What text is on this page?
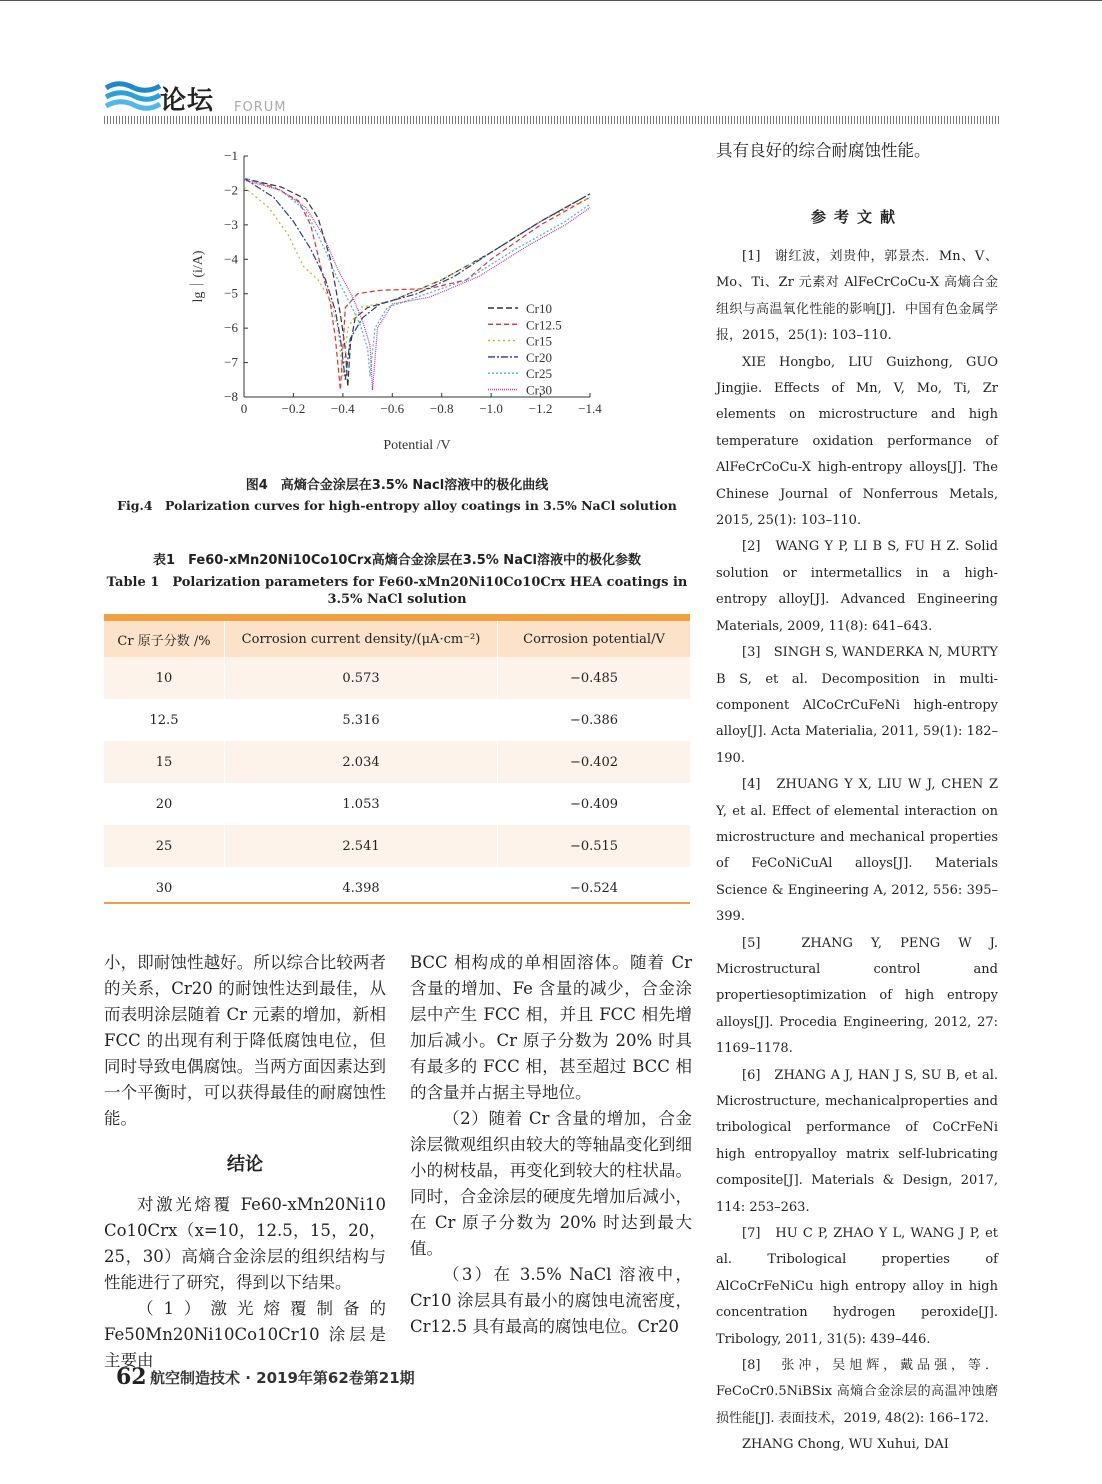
论坛 FORUM
0	−0.2 −0.4 −0.6 −0.8 −1.0 −1.2 −1.4
−1
−2
−3
−4
−5
−6
−7
−8
Potential /V
lg｜(i/A)
Cr10
Cr12.5
Cr15
Cr20
Cr25
Cr30
图4　高熵合金涂层在3.5% Nacl溶液中的极化曲线
Fig.4　Polarization curves for high-entropy alloy coatings in 3.5% NaCl solution
表1　Fe60-xMn20Ni10Co10Crx高熵合金涂层在3.5% NaCl溶液中的极化参数
Table 1　Polarization parameters for Fe60-xMn20Ni10Co10Crx HEA coatings in
3.5% NaCl solution
Cr 原子分数 /%	Corrosion current density/(μA·cm⁻²)	Corrosion potential/V
10	0.573	−0.485
12.5	5.316	−0.386
15	2.034	−0.402
20	1.053	−0.409
25	2.541	−0.515
30	4.398	−0.524

小，即耐蚀性越好。所以综合比较两者的关系，Cr20 的耐蚀性达到最佳，从而表明涂层随着 Cr 元素的增加，新相 FCC 的出现有利于降低腐蚀电位，但同时导致电偶腐蚀。当两方面因素达到一个平衡时，可以获得最佳的耐腐蚀性能。

结论

对激光熔覆 Fe60-xMn20Ni10 Co10Crx（x=10，12.5，15，20，25，30）高熵合金涂层的组织结构与性能进行了研究，得到以下结果。

（1）激光熔覆制备的 Fe50Mn20Ni10Co10Cr10 涂层是主要由

BCC 相构成的单相固溶体。随着 Cr 含量的增加、Fe 含量的减少，合金涂层中产生 FCC 相，并且 FCC 相先增加后减小。Cr 原子分数为 20% 时具有最多的 FCC 相，甚至超过 BCC 相的含量并占据主导地位。

（2）随着 Cr 含量的增加，合金涂层微观组织由较大的等轴晶变化到细小的树枝晶，再变化到较大的柱状晶。同时，合金涂层的硬度先增加后减小，在 Cr 原子分数为 20% 时达到最大值。

（3）在 3.5% NaCl 溶液中，Cr10 涂层具有最小的腐蚀电流密度，Cr12.5 具有最高的腐蚀电位。Cr20

具有良好的综合耐腐蚀性能。

参考文献

[1]　谢红波，刘贵仲，郭景杰．Mn、V、Mo、Ti、Zr 元素对 AlFeCrCoCu-X 高熵合金组织与高温氧化性能的影响[J]．中国有色金属学报，2015，25(1): 103–110.

XIE Hongbo, LIU Guizhong, GUO Jingjie. Effects of Mn, V, Mo, Ti, Zr elements on microstructure and high temperature oxidation performance of AlFeCrCoCu-X high-entropy alloys[J]. The Chinese Journal of Nonferrous Metals, 2015, 25(1): 103–110.

[2]　WANG Y P, LI B S, FU H Z. Solid solution or intermetallics in a high-entropy alloy[J]. Advanced Engineering Materials, 2009, 11(8): 641–643.

[3]　SINGH S, WANDERKA N, MURTY B S, et al. Decomposition in multi-component AlCoCrCuFeNi high-entropy alloy[J]. Acta Materialia, 2011, 59(1): 182–190.

[4]　ZHUANG Y X, LIU W J, CHEN Z Y, et al. Effect of elemental interaction on microstructure and mechanical properties of FeCoNiCuAl alloys[J]. Materials Science & Engineering A, 2012, 556: 395–399.

[5]　ZHANG Y, PENG W J. Microstructural control and propertiesoptimization of high entropy alloys[J]. Procedia Engineering, 2012, 27: 1169–1178.

[6]　ZHANG A J, HAN J S, SU B, et al. Microstructure, mechanicalproperties and tribological performance of CoCrFeNi high entropyalloy matrix self-lubricating composite[J]. Materials & Design, 2017, 114: 253–263.

[7]　HU C P, ZHAO Y L, WANG J P, et al. Tribological properties of AlCoCrFeNiCu high entropy alloy in high concentration hydrogen peroxide[J]. Tribology, 2011, 31(5): 439–446.

[8]　张冲，吴旭辉，戴品强，等．FeCoCr0.5NiBSix 高熵合金涂层的高温冲蚀磨损性能[J]. 表面技术，2019, 48(2): 166–172.

ZHANG Chong, WU Xuhui, DAI

62 航空制造技术 · 2019年第62卷第21期
